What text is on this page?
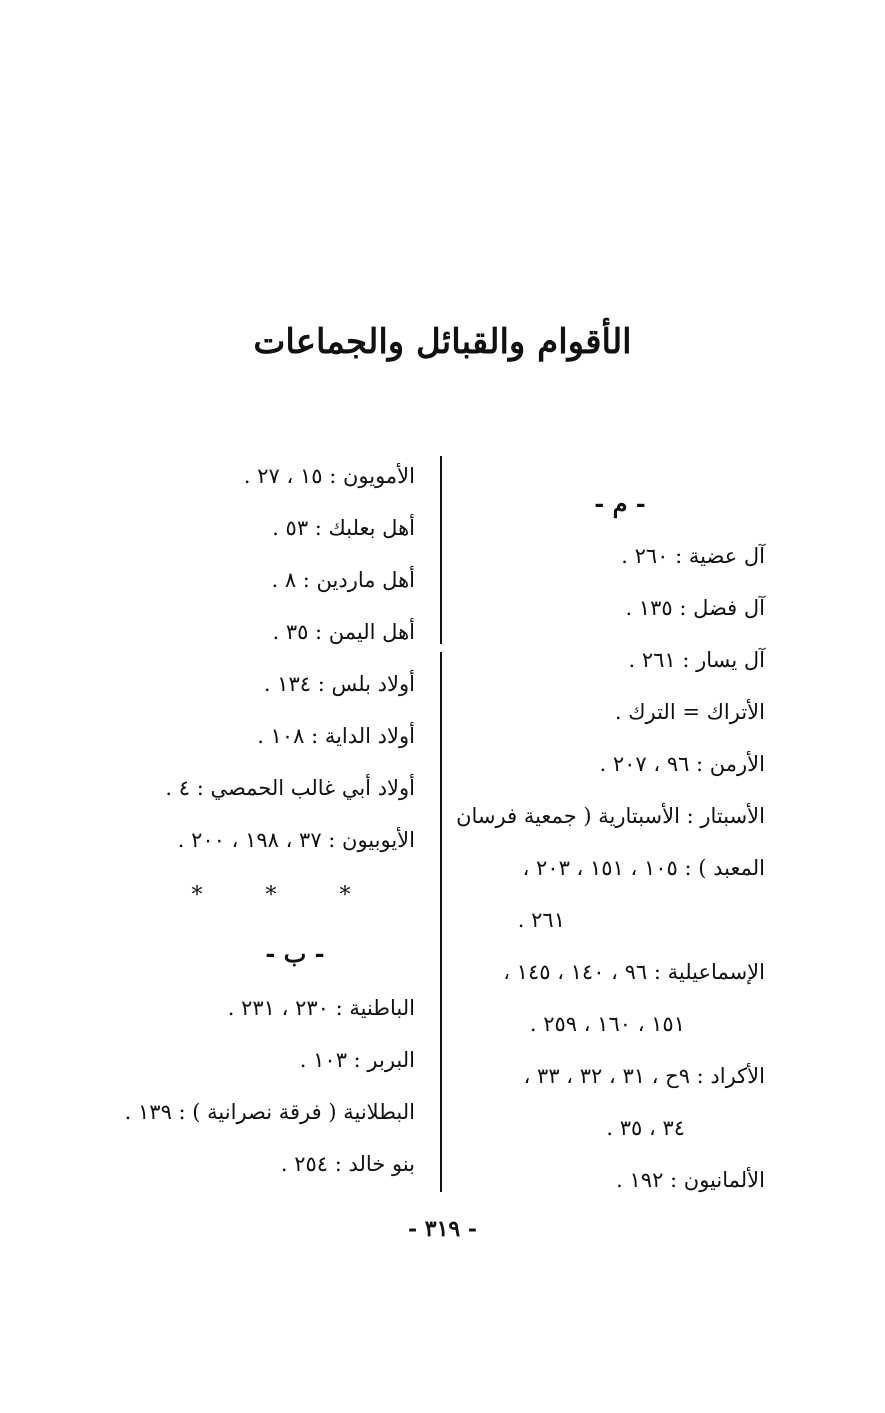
الأقوام والقبائل والجماعات
- م -
آل عضية : ٢٦٠ .
آل فضل : ١٣٥ .
آل يسار : ٢٦١ .
الأتراك = الترك .
الأرمن : ٩٦ ، ٢٠٧ .
الأسبتار : الأسبتارية ( جمعية فرسان
المعبد ) : ١٠٥ ، ١٥١ ، ٢٠٣ ،
٢٦١ .
الإسماعيلية : ٩٦ ، ١٤٠ ، ١٤٥ ،
١٥١ ، ١٦٠ ، ٢٥٩ .
الأكراد : ٩ح ، ٣١ ، ٣٢ ، ٣٣ ،
٣٤ ، ٣٥ .
الألمانيون : ١٩٢ .
الأمويون : ١٥ ، ٢٧ .
أهل بعلبك : ٥٣ .
أهل ماردين : ٨ .
أهل اليمن : ٣٥ .
أولاد بلس : ١٣٤ .
أولاد الداية : ١٠٨ .
أولاد أبي غالب الحمصي : ٤ .
الأيوبيون : ٣٧ ، ١٩٨ ، ٢٠٠ .
* * *
- ب -
الباطنية : ٢٣٠ ، ٢٣١ .
البربر : ١٠٣ .
البطلانية ( فرقة نصرانية ) : ١٣٩ .
بنو خالد : ٢٥٤ .
- ٣١٩ -
